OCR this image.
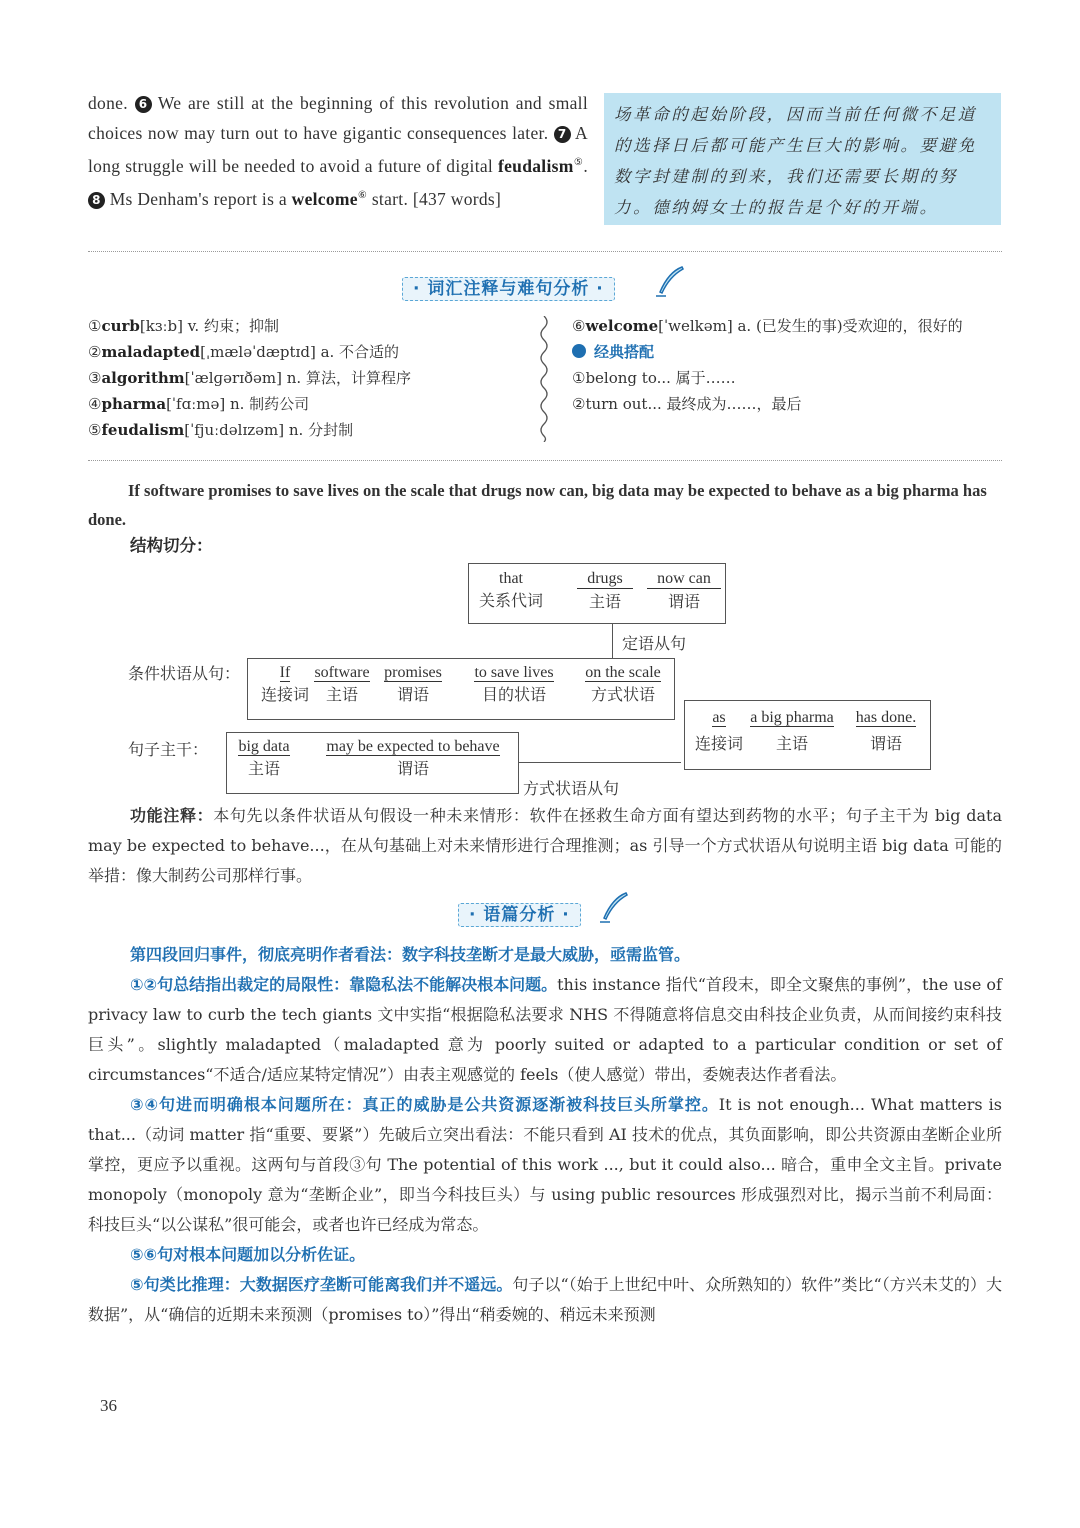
done. 6 We are still at the beginning of this revolution and small choices now may turn out to have gigantic consequences later. 7 A long struggle will be needed to avoid a future of digital feudalism⑤. 8 Ms Denham's report is a welcome⑥ start. [437 words]
场革命的起始阶段，因而当前任何微不足道的选择日后都可能产生巨大的影响。要避免数字封建制的到来，我们还需要长期的努力。德纳姆女士的报告是个好的开端。
· 词汇注释与难句分析 ·
①curb[kɜːb] v. 约束；抑制
②maladapted[ˌmæləˈdæptɪd] a. 不合适的
③algorithm[ˈælɡərɪðəm] n. 算法，计算程序
④pharma[ˈfɑːmə] n. 制药公司
⑤feudalism[ˈfjuːdəlɪzəm] n. 分封制
⑥welcome[ˈwelkəm] a. (已发生的事)受欢迎的，很好的
经典搭配
①belong to... 属于……
②turn out... 最终成为……，最后
If software promises to save lives on the scale that drugs now can, big data may be expected to behave as a big pharma has done.
结构切分：
that
关系代词
drugs
主语
now can
谓语
定语从句
条件状语从句：	If
连接词
software
主语
promises
谓语
to save lives
目的状语
on the scale
方式状语
句子主干：	big data
主语
may be expected to behave
谓语
方式状语从句
as
连接词
a big pharma
主语
has done.
谓语
功能注释：本句先以条件状语从句假设一种未来情形：软件在拯救生命方面有望达到药物的水平；句子主干为 big data may be expected to behave...，在从句基础上对未来情形进行合理推测；as 引导一个方式状语从句说明主语 big data 可能的举措：像大制药公司那样行事。
· 语篇分析 ·
第四段回归事件，彻底亮明作者看法：数字科技垄断才是最大威胁，亟需监管。
①②句总结指出裁定的局限性：靠隐私法不能解决根本问题。this instance 指代“首段末，即全文聚焦的事例”，the use of privacy law to curb the tech giants 文中实指“根据隐私法要求 NHS 不得随意将信息交由科技企业负责，从而间接约束科技巨头”。slightly maladapted（maladapted 意为 poorly suited or adapted to a particular condition or set of circumstances“不适合/适应某特定情况”）由表主观感觉的 feels（使人感觉）带出，委婉表达作者看法。
③④句进而明确根本问题所在：真正的威胁是公共资源逐渐被科技巨头所掌控。It is not enough... What matters is that...（动词 matter 指“重要、要紧”）先破后立突出看法：不能只看到 AI 技术的优点，其负面影响，即公共资源由垄断企业所掌控，更应予以重视。这两句与首段③句 The potential of this work ..., but it could also... 暗合，重申全文主旨。private monopoly（monopoly 意为“垄断企业”，即当今科技巨头）与 using public resources 形成强烈对比，揭示当前不利局面：科技巨头“以公谋私”很可能会，或者也许已经成为常态。
⑤⑥句对根本问题加以分析佐证。
⑤句类比推理：大数据医疗垄断可能离我们并不遥远。句子以“（始于上世纪中叶、众所熟知的）软件”类比“（方兴未艾的）大数据”，从“确信的近期未来预测（promises to）”得出“稍委婉的、稍远未来预测
36
